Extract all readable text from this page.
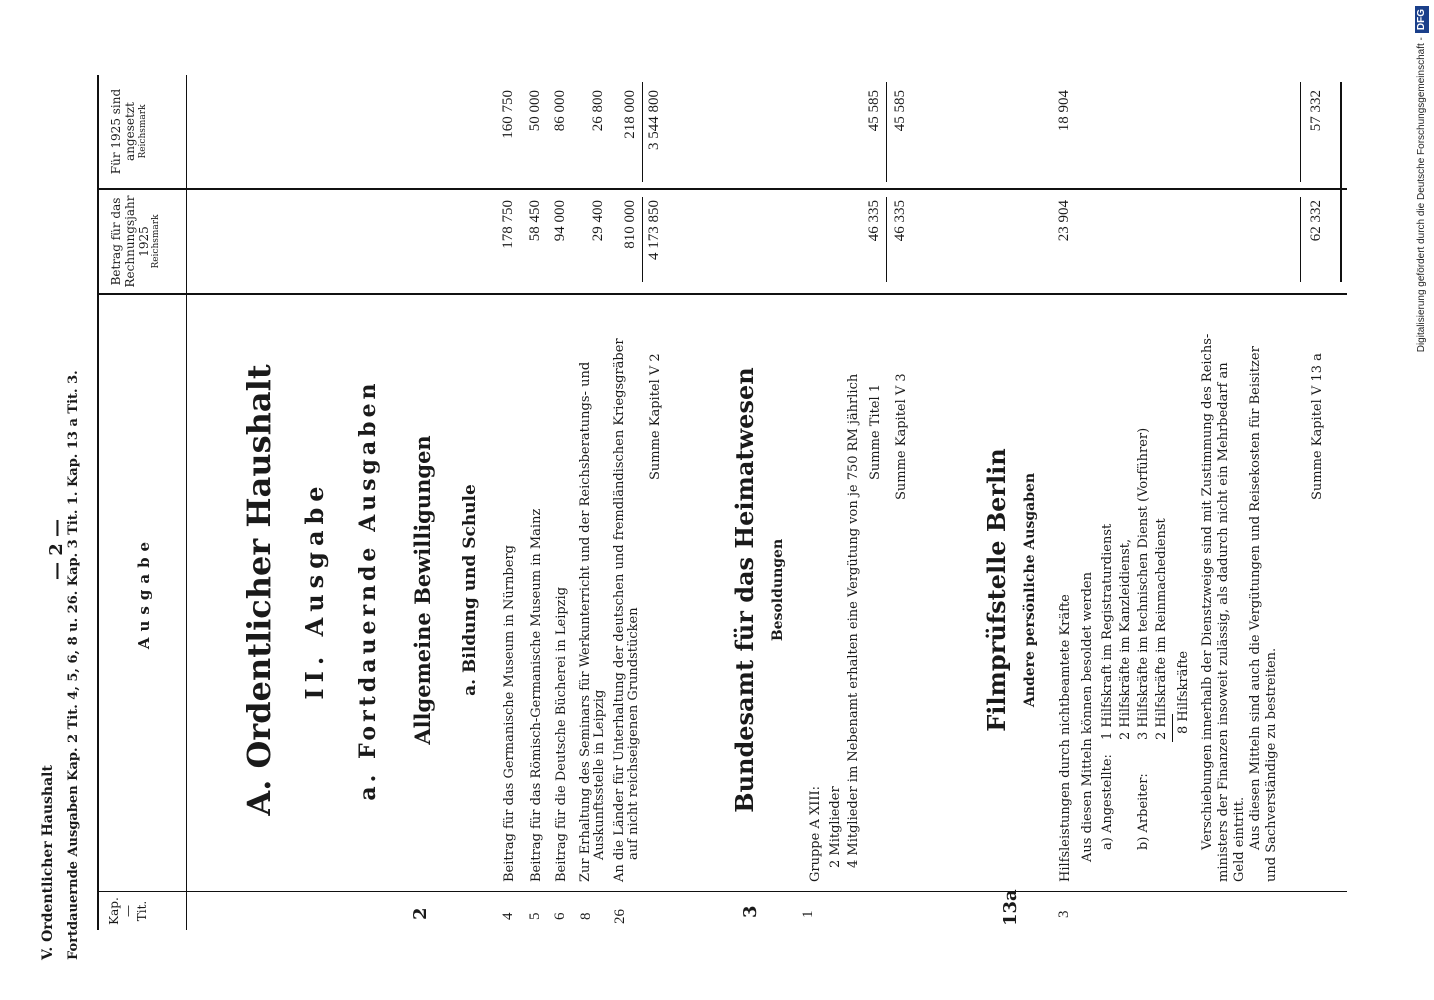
V. Ordentlicher Haushalt Fortdauernde Ausgaben Kap. 2 Tit. 4, 5, 6, 8 u. 26. Kap. 3 Tit. 1. Kap. 13 a Tit. 3.
— 2 —
Kap. — Tit.
Ausgabe
Betrag für das Rechnungsjahr 1925 Reichsmark
Für 1925 sind angesetzt Reichsmark
A. Ordentlicher Haushalt II. Ausgabe a. Fortdauernde Ausgaben Allgemeine Bewilligungen a. Bildung und Schule
2	4
Beitrag für das Germanische Museum in Nürnberg
178 750
160 750
5
Beitrag für das Römisch-Germanische Museum in Mainz
58 450
50 000
6
Beitrag für die Deutsche Bücherei in Leipzig
94 000
86 000
8
Zur Erhaltung des Seminars für Werkunterricht und der Reichsberatungs- und Auskunftsstelle in Leipzig
29 400
26 800
26
An die Länder für Unterhaltung der deutschen und fremdländischen Kriegsgräber auf nicht reichseigenen Grundstücken
810 000
218 000
Summe Kapitel V 2
4 173 850
3 544 800
3
Bundesamt für das Heimatwesen Besoldungen
1
Gruppe A XIII: 2 Mitglieder 4 Mitglieder im Nebenamt erhalten eine Vergütung von je 750 RM jährlich Summe Titel 1
46 335
45 585
Summe Kapitel V 3
46 335
45 585
13a
Filmprüfstelle Berlin Andere persönliche Ausgaben
3
Hilfsleistungen durch nichtbeamtete Kräfte
23 904
18 904
Aus diesen Mitteln können besoldet werden a) Angestellte:
1 Hilfskraft im Registraturdienst 2 Hilfskräfte im Kanzleidienst,
b) Arbeiter:
3 Hilfskräfte im technischen Dienst (Vorführer) 2 Hilfskräfte im Reinmachedienst 8 Hilfskräfte Verschiebungen innerhalb der Dienstzweige sind mit Zustimmung des Reichs- ministers der Finanzen insoweit zulässig, als dadurch nicht ein Mehrbedarf an Geld eintritt. Aus diesen Mitteln sind auch die Vergütungen und Reisekosten für Beisitzer und Sachverständige zu bestreiten.
Summe Kapitel V 13 a
62 332
57 332	Digitalisierung gefördert durch die Deutsche Forschungsgemeinschaft -DFG
